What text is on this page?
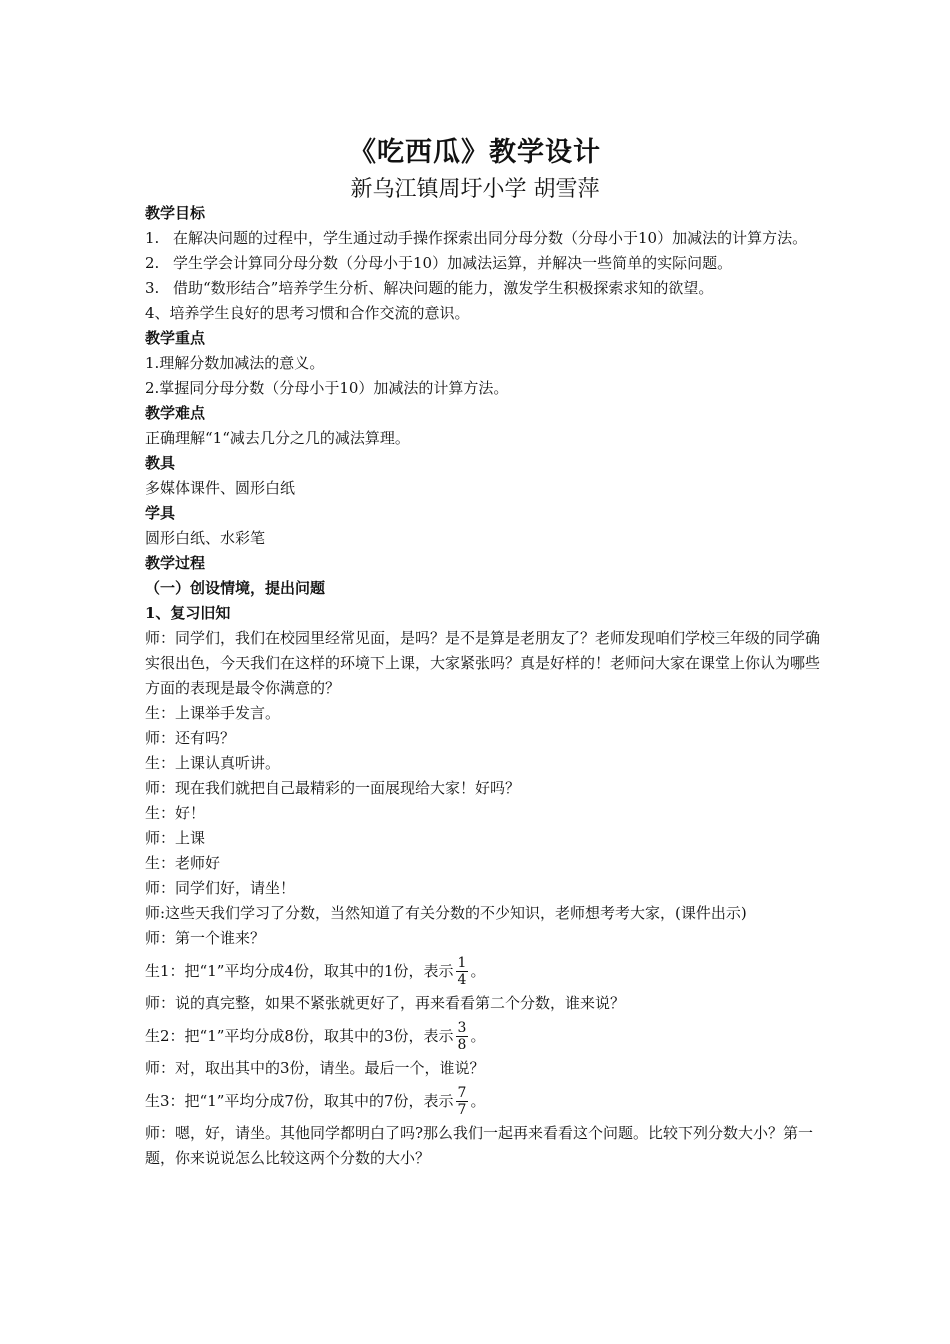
《吃西瓜》教学设计
新乌江镇周圩小学 胡雪萍

教学目标

1. 在解决问题的过程中，学生通过动手操作探索出同分母分数（分母小于10）加减法的计算方法。

2. 学生学会计算同分母分数（分母小于10）加减法运算，并解决一些简单的实际问题。

3. 借助“数形结合”培养学生分析、解决问题的能力，激发学生积极探索求知的欲望。

4、培养学生良好的思考习惯和合作交流的意识。

教学重点

1.理解分数加减法的意义。

2.掌握同分母分数（分母小于10）加减法的计算方法。

教学难点

正确理解“1“减去几分之几的减法算理。

教具

多媒体课件、圆形白纸

学具

圆形白纸、水彩笔

教学过程

（一）创设情境，提出问题

1、复习旧知

师：同学们，我们在校园里经常见面，是吗？是不是算是老朋友了？老师发现咱们学校三年级的同学确实很出色，今天我们在这样的环境下上课，大家紧张吗？真是好样的！老师问大家在课堂上你认为哪些方面的表现是最令你满意的？

生：上课举手发言。

师：还有吗？

生：上课认真听讲。

师：现在我们就把自己最精彩的一面展现给大家！好吗？

生：好！

师：上课

生：老师好

师：同学们好，请坐！

师:这些天我们学习了分数，当然知道了有关分数的不少知识，老师想考考大家，(课件出示)

师：第一个谁来？

生1：把“1”平均分成4份，取其中的1份，表示 $\frac{1}{4}$ 。

师：说的真完整，如果不紧张就更好了，再来看看第二个分数，谁来说？

生2：把“1”平均分成8份，取其中的3份，表示 $\frac{3}{8}$ 。

师：对，取出其中的3份，请坐。最后一个，谁说？

生3：把“1”平均分成7份，取其中的7份，表示 $\frac{7}{7}$ 。

师：嗯，好，请坐。其他同学都明白了吗?那么我们一起再来看看这个问题。比较下列分数大小？第一题，你来说说怎么比较这两个分数的大小？
